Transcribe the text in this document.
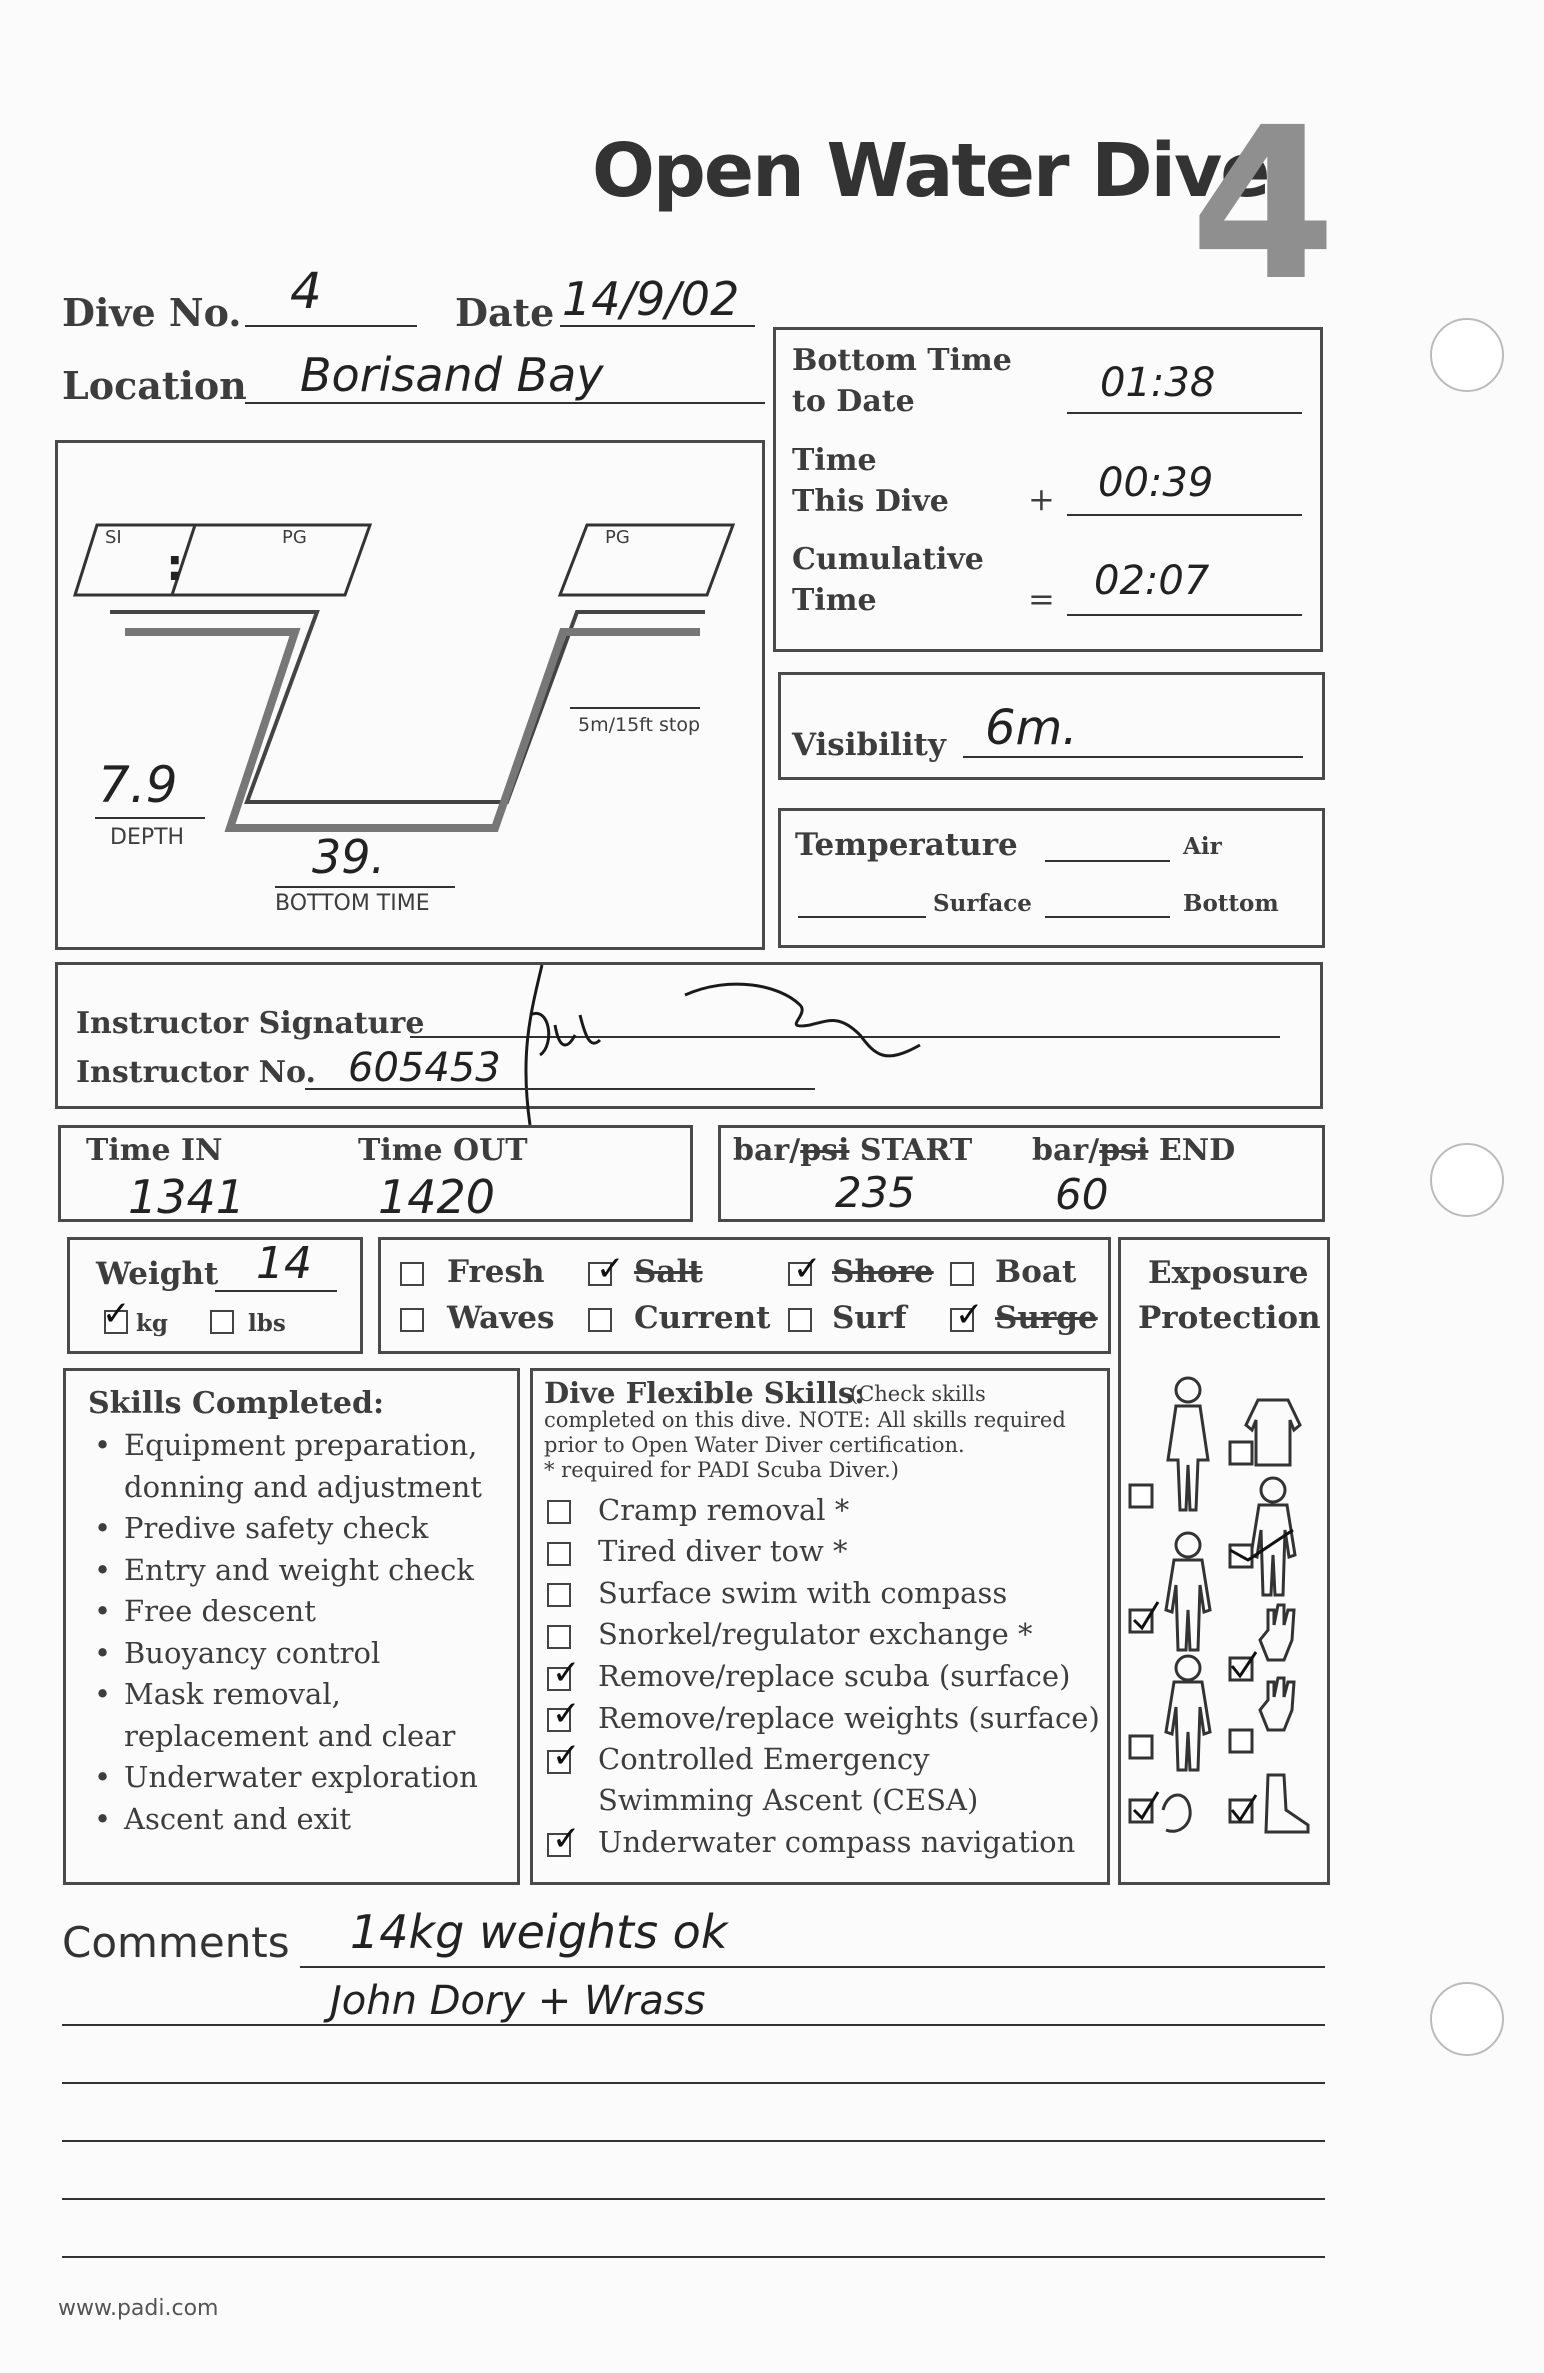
Open Water Dive
4
Dive No. 4	Date 14/9/02
Location Borisand Bay
SI
:
PG	PG
5m/15ft stop
7.9
DEPTH	39.
BOTTOM TIME
Bottom Time
to Date	01:38
Time
This Dive + 00:39
Cumulative
Time	= 02:07
Visibility 6m.
Temperature	Air
Surface	Bottom
Instructor Signature
Instructor No. 605453
Time IN
1341
Time OUT
1420
bar/psi START
235
bar/psi END
60
Weight 14
✓ kg	lbs
Fresh ✓ Salt	✓ Shore Boat
Waves	Current Surf ✓ Surge
Exposure
Protection
Skills Completed:
• Equipment preparation,
donning and adjustment
• Predive safety check
• Entry and weight check
• Free descent
• Buoyancy control
• Mask removal,
replacement and clear
• Underwater exploration
• Ascent and exit
Dive Flexible Skills:
(Check skills
completed on this dive. NOTE: All skills required
prior to Open Water Diver certification.
* required for PADI Scuba Diver.)
Cramp removal *
Tired diver tow *
Surface swim with compass
Snorkel/regulator exchange *
✓ Remove/replace scuba (surface)
✓ Remove/replace weights (surface)
✓ Controlled Emergency
Swimming Ascent (CESA)
✓ Underwater compass navigation
Comments 14kg weights ok
John Dory + Wrass
www.padi.com
